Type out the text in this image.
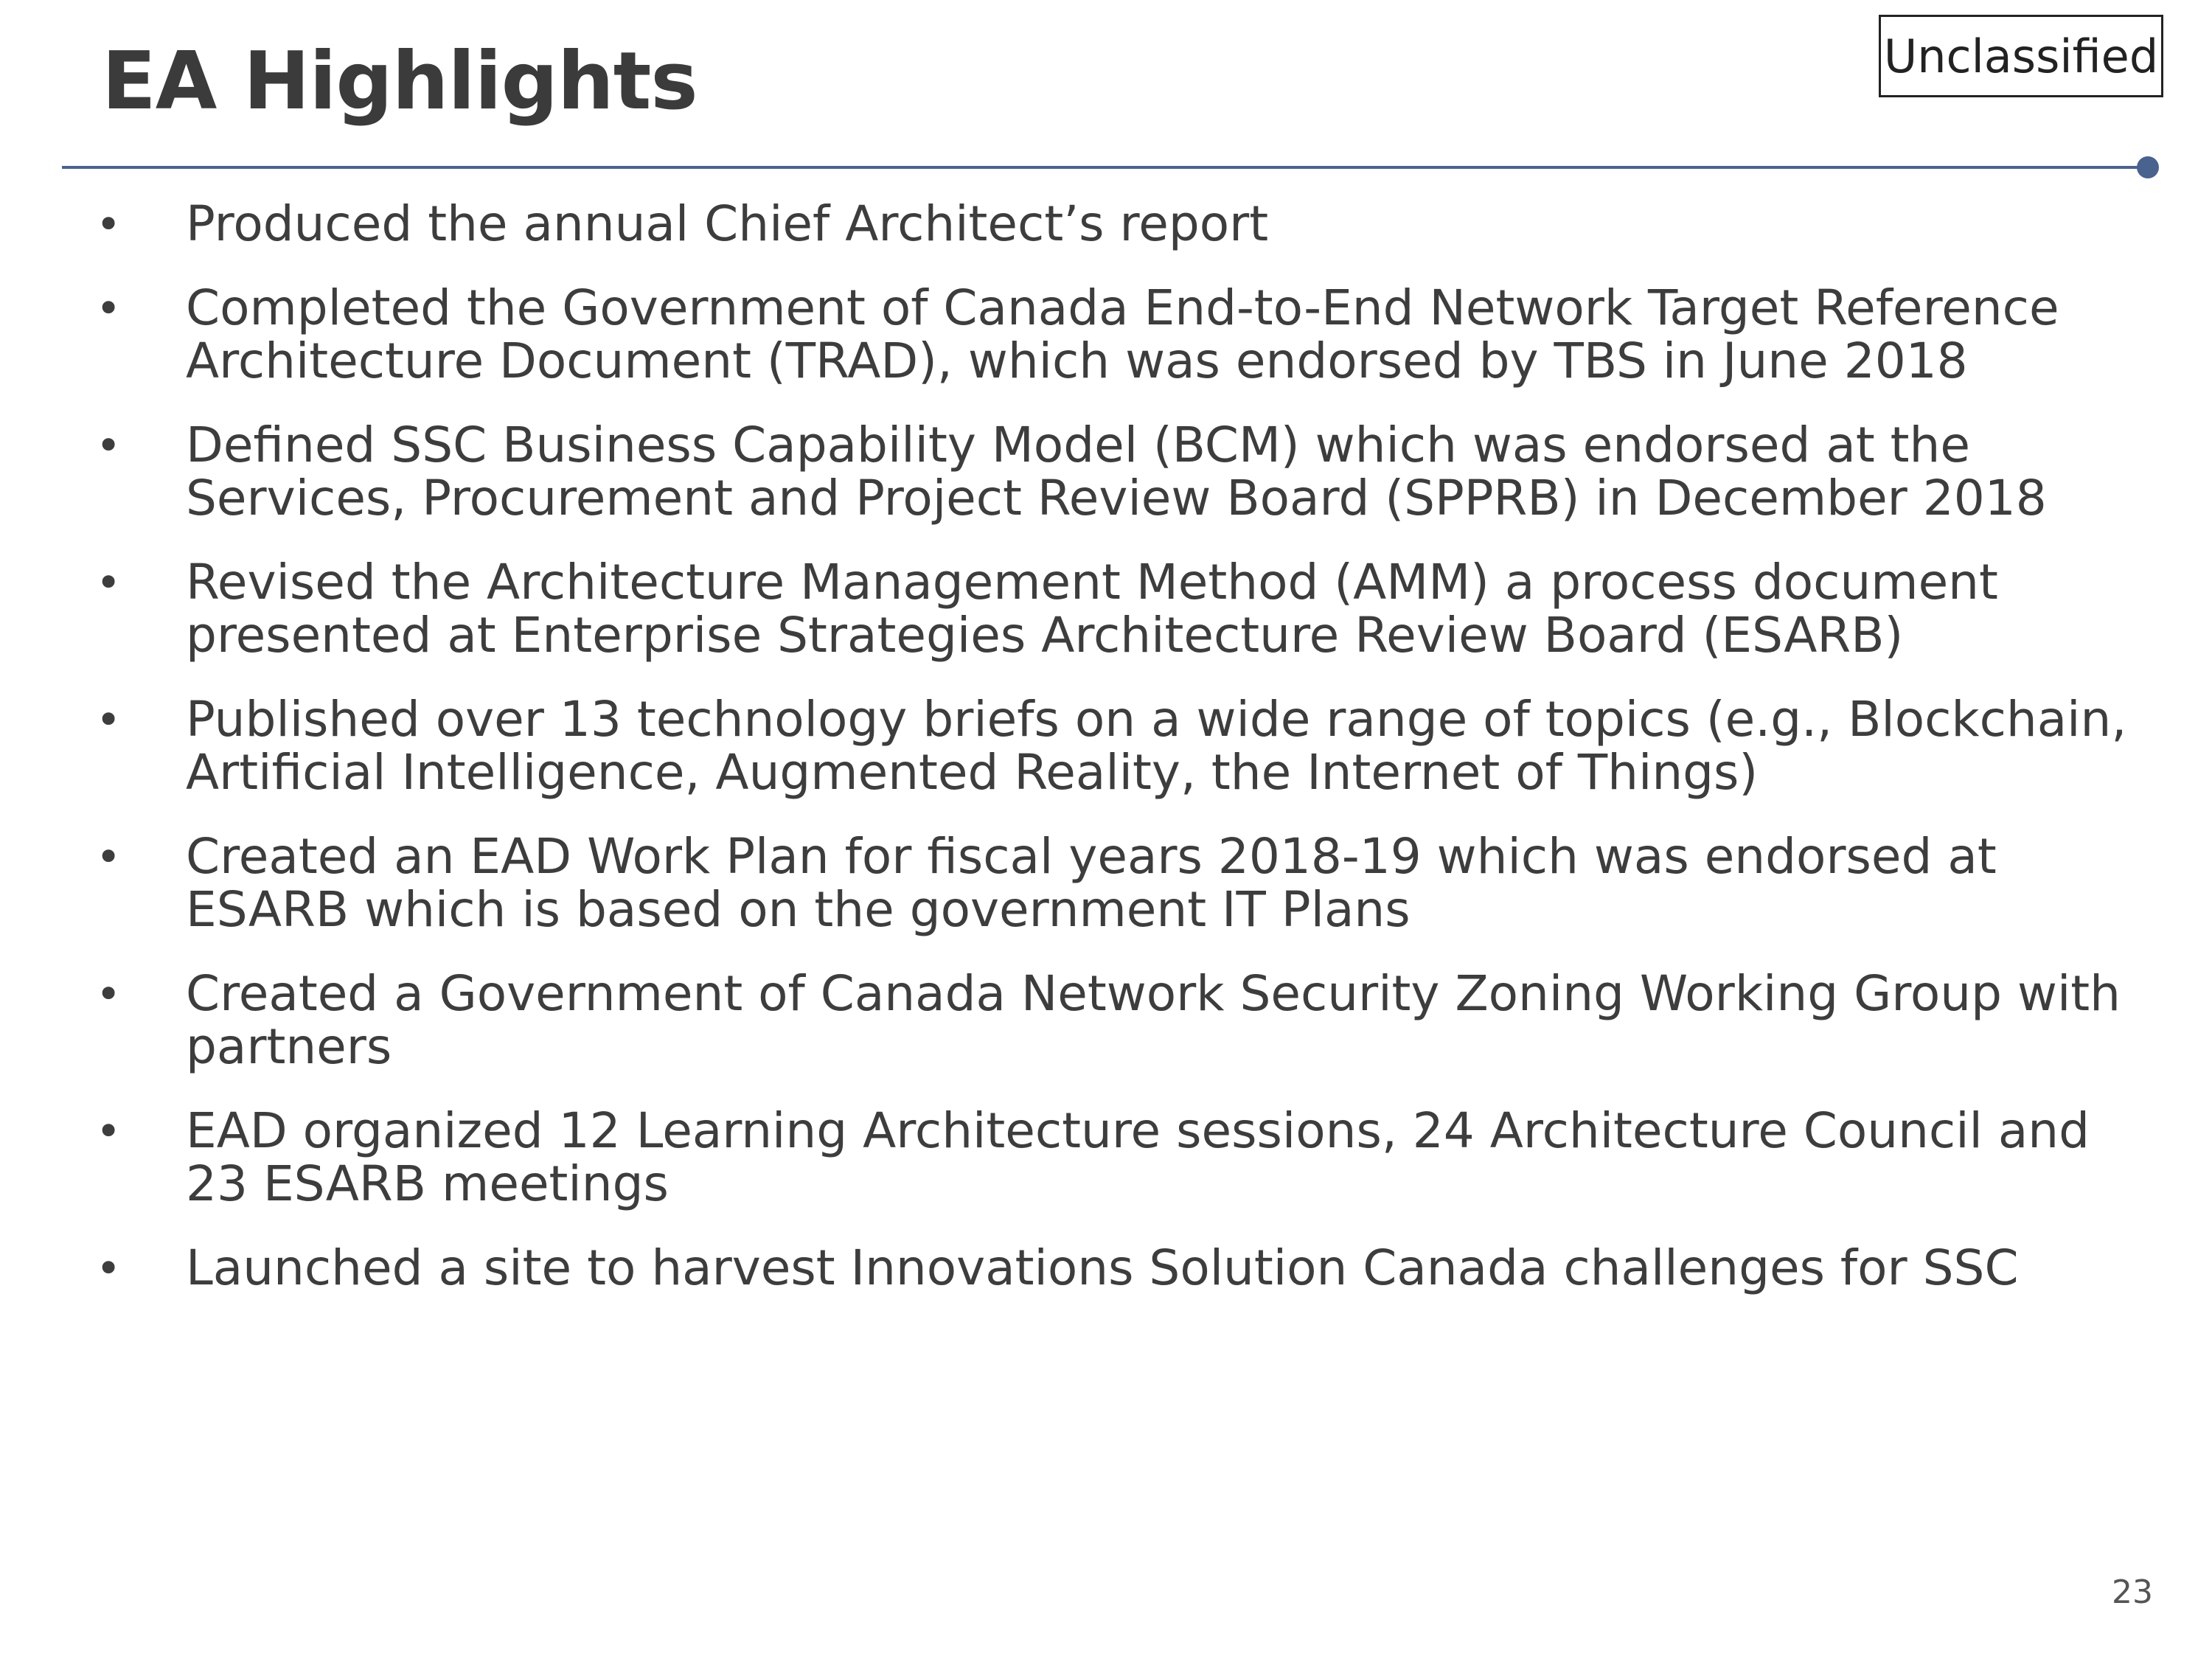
EA Highlights	Unclassified
•	Produced the annual Chief Architect’s report
•	Completed the Government of Canada End-to-End Network Target Reference Architecture Document (TRAD), which was endorsed by TBS in June 2018
•	Defined SSC Business Capability Model (BCM) which was endorsed at the Services, Procurement and Project Review Board (SPPRB) in December 2018
•	Revised the Architecture Management Method (AMM) a process document presented at Enterprise Strategies Architecture Review Board (ESARB)
•	Published over 13 technology briefs on a wide range of topics (e.g., Blockchain, Artificial Intelligence, Augmented Reality, the Internet of Things)
•	Created an EAD Work Plan for fiscal years 2018-19 which was endorsed at ESARB which is based on the government IT Plans
•	Created a Government of Canada Network Security Zoning Working Group with partners
•	EAD organized 12 Learning Architecture sessions, 24 Architecture Council and 23 ESARB meetings
•	Launched a site to harvest Innovations Solution Canada challenges for SSC
23
